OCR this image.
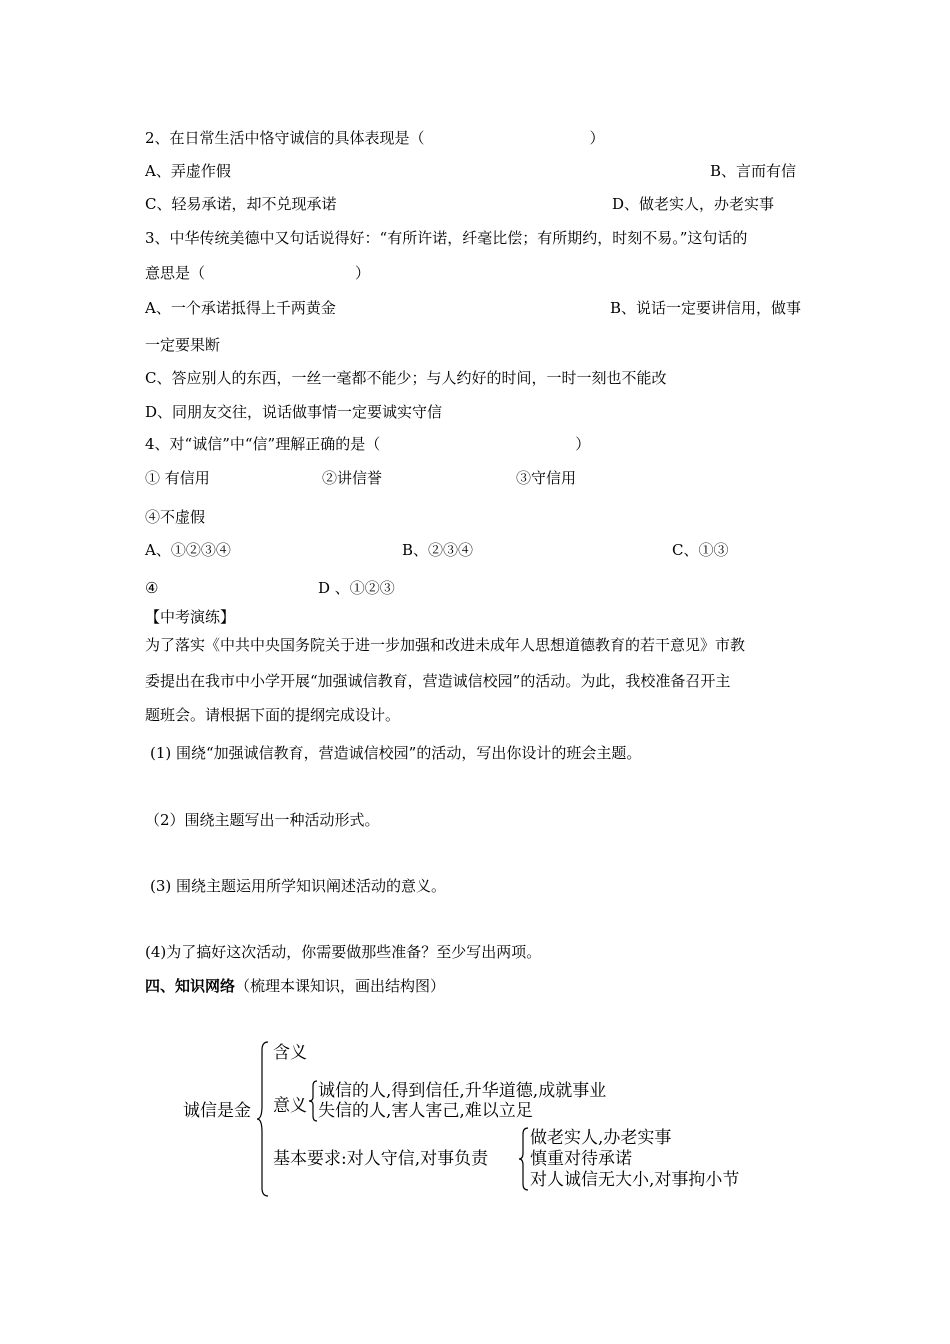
2、在日常生活中恪守诚信的具体表现是（　　　　　　　　　　　）
A、弄虚作假	B、言而有信
C、轻易承诺，却不兑现承诺	D、做老实人，办老实事
3、中华传统美德中又句话说得好：“有所许诺，纤毫比偿；有所期约，时刻不易。”这句话的
意思是（　　　　　　　　　　）
A、一个承诺抵得上千两黄金	B、说话一定要讲信用，做事
一定要果断
C、答应别人的东西，一丝一毫都不能少；与人约好的时间，一时一刻也不能改
D、同朋友交往，说话做事情一定要诚实守信
4、对“诚信”中“信”理解正确的是（　　　　　　　　　　　　　）
① 有信用	②讲信誉	③守信用
④不虚假
A、①②③④	B、②③④	C、①③
④	D 、①②③
【中考演练】
为了落实《中共中央国务院关于进一步加强和改进未成年人思想道德教育的若干意见》市教
委提出在我市中小学开展“加强诚信教育，营造诚信校园”的活动。为此，我校准备召开主
题班会。请根据下面的提纲完成设计。
(1) 围绕“加强诚信教育，营造诚信校园”的活动，写出你设计的班会主题。
（2）围绕主题写出一种活动形式。
(3) 围绕主题运用所学知识阐述活动的意义。
(4)为了搞好这次活动，你需要做那些准备？至少写出两项。
四、知识网络（梳理本课知识，画出结构图）
诚信是金
含义
意义
诚信的人,得到信任,升华道德,成就事业
失信的人,害人害己,难以立足
基本要求:对人守信,对事负责
做老实人,办老实事
慎重对待承诺
对人诚信无大小,对事拘小节
